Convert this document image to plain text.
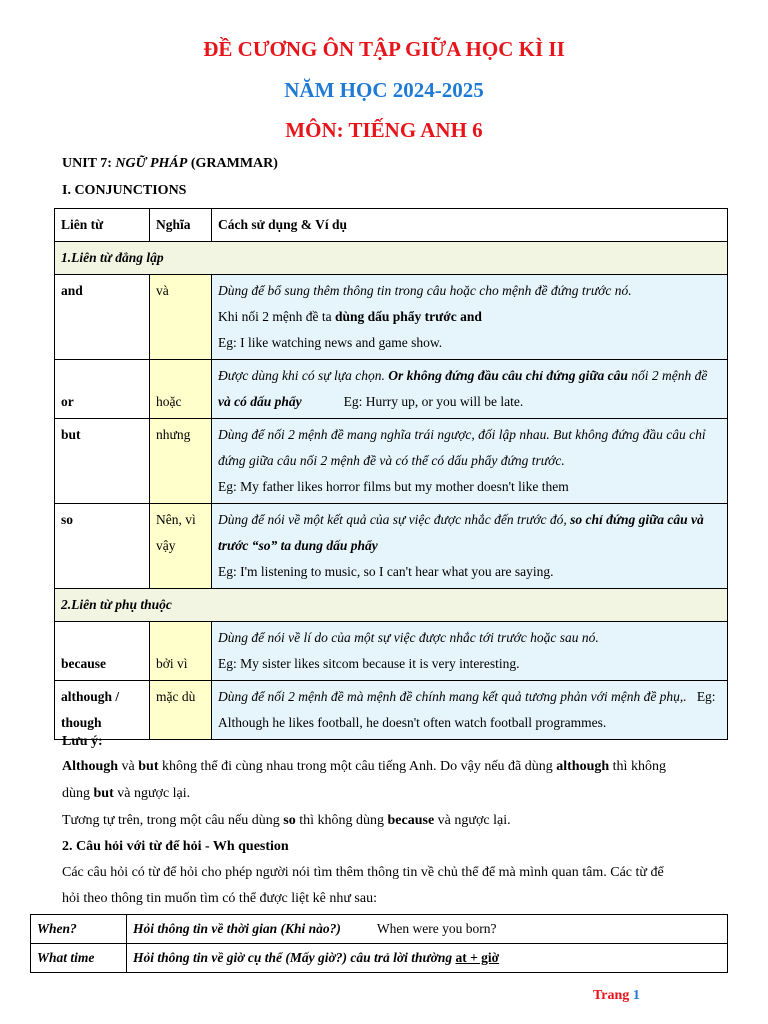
ĐỀ CƯƠNG ÔN TẬP GIỮA HỌC KÌ II
NĂM HỌC 2024-2025
MÔN: TIẾNG ANH 6
UNIT 7: NGỮ PHÁP (GRAMMAR)
I. CONJUNCTIONS
Liên từ	Nghĩa	Cách sử dụng & Ví dụ
1.Liên từ đẳng lập		
and	và	Dùng để bổ sung thêm thông tin trong câu hoặc cho mệnh đề đứng trước nó.
Khi nối 2 mệnh đề ta dùng dấu phẩy trước and
Eg: I like watching news and game show.

or	hoặc	Được dùng khi có sự lựa chọn. Or không đứng đầu câu chỉ đứng giữa câu nối 2 mệnh đề và có dấu phẩy Eg: Hurry up, or you will be late.

but	nhưng	Dùng để nối 2 mệnh đề mang nghĩa trái ngược, đối lập nhau. But không đứng đầu câu chỉ đứng giữa câu nối 2 mệnh đề và có thể có dấu phẩy đứng trước.
Eg: My father likes horror films but my mother doesn't like them

so	Nên, vì vậy	Dùng để nói về một kết quả của sự việc được nhắc đến trước đó, so chỉ đứng giữa câu và trước “so” ta dung dấu phẩy
Eg: I'm listening to music, so I can't hear what you are saying.

2.Liên từ phụ thuộc		
because	bởi vì	Dùng để nói về lí do của một sự việc được nhắc tới trước hoặc sau nó.
Eg: My sister likes sitcom because it is very interesting.

although / though	mặc dù	Dùng để nối 2 mệnh đề mà mệnh đề chính mang kết quả tương phản với mệnh đề phụ,. Eg: Although he likes football, he doesn't often watch football programmes.
Lưu ý:
Although và but không thể đi cùng nhau trong một câu tiếng Anh. Do vậy nếu đã dùng although thì không
dùng but và ngược lại.
Tương tự trên, trong một câu nếu dùng so thì không dùng because và ngược lại.
2. Câu hỏi với từ để hỏi - Wh question
Các câu hỏi có từ để hỏi cho phép người nói tìm thêm thông tin về chủ thể để mà mình quan tâm. Các từ để
hỏi theo thông tin muốn tìm có thể được liệt kê như sau:
When?	Hỏi thông tin về thời gian (Khi nào?) When were you born?
What time	Hỏi thông tin về giờ cụ thể (Mấy giờ?) câu trả lời thường at + giờ
Trang 1
